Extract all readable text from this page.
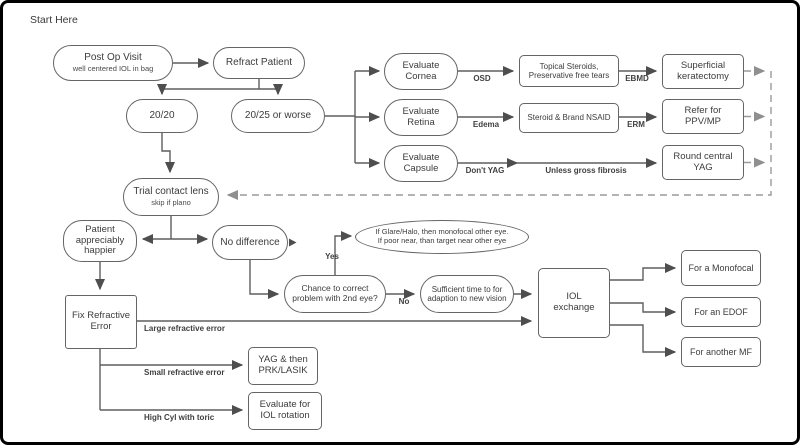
Start Here
Post Op Visit
well centered IOL in bag
Refract Patient
20/20	20/25 or worse
Evaluate Cornea
Topical Steroids, Preservative free tears
Superficial keratectomy
Evaluate Retina	Steroid & Brand NSAID
Refer for PPV/MP
Evaluate Capsule
Round central YAG
Trial contact lens
skip if plano
Patient appreciably happier
No difference
If Glare/Halo, then monofocal other eye.
If poor near, than target near other eye
Chance to correct problem with 2nd eye?
Sufficient time to for adaption to new vision	IOL exchange
For a Monofocal
For an EDOF
For another MF
Fix Refractive Error
YAG & then PRK/LASIK
Evaluate for IOL rotation
OSD	EBMD
Edema	ERM
Don't YAG	Unless gross fibrosis
Yes
No
Large refractive error
Small refractive error
High Cyl with toric
